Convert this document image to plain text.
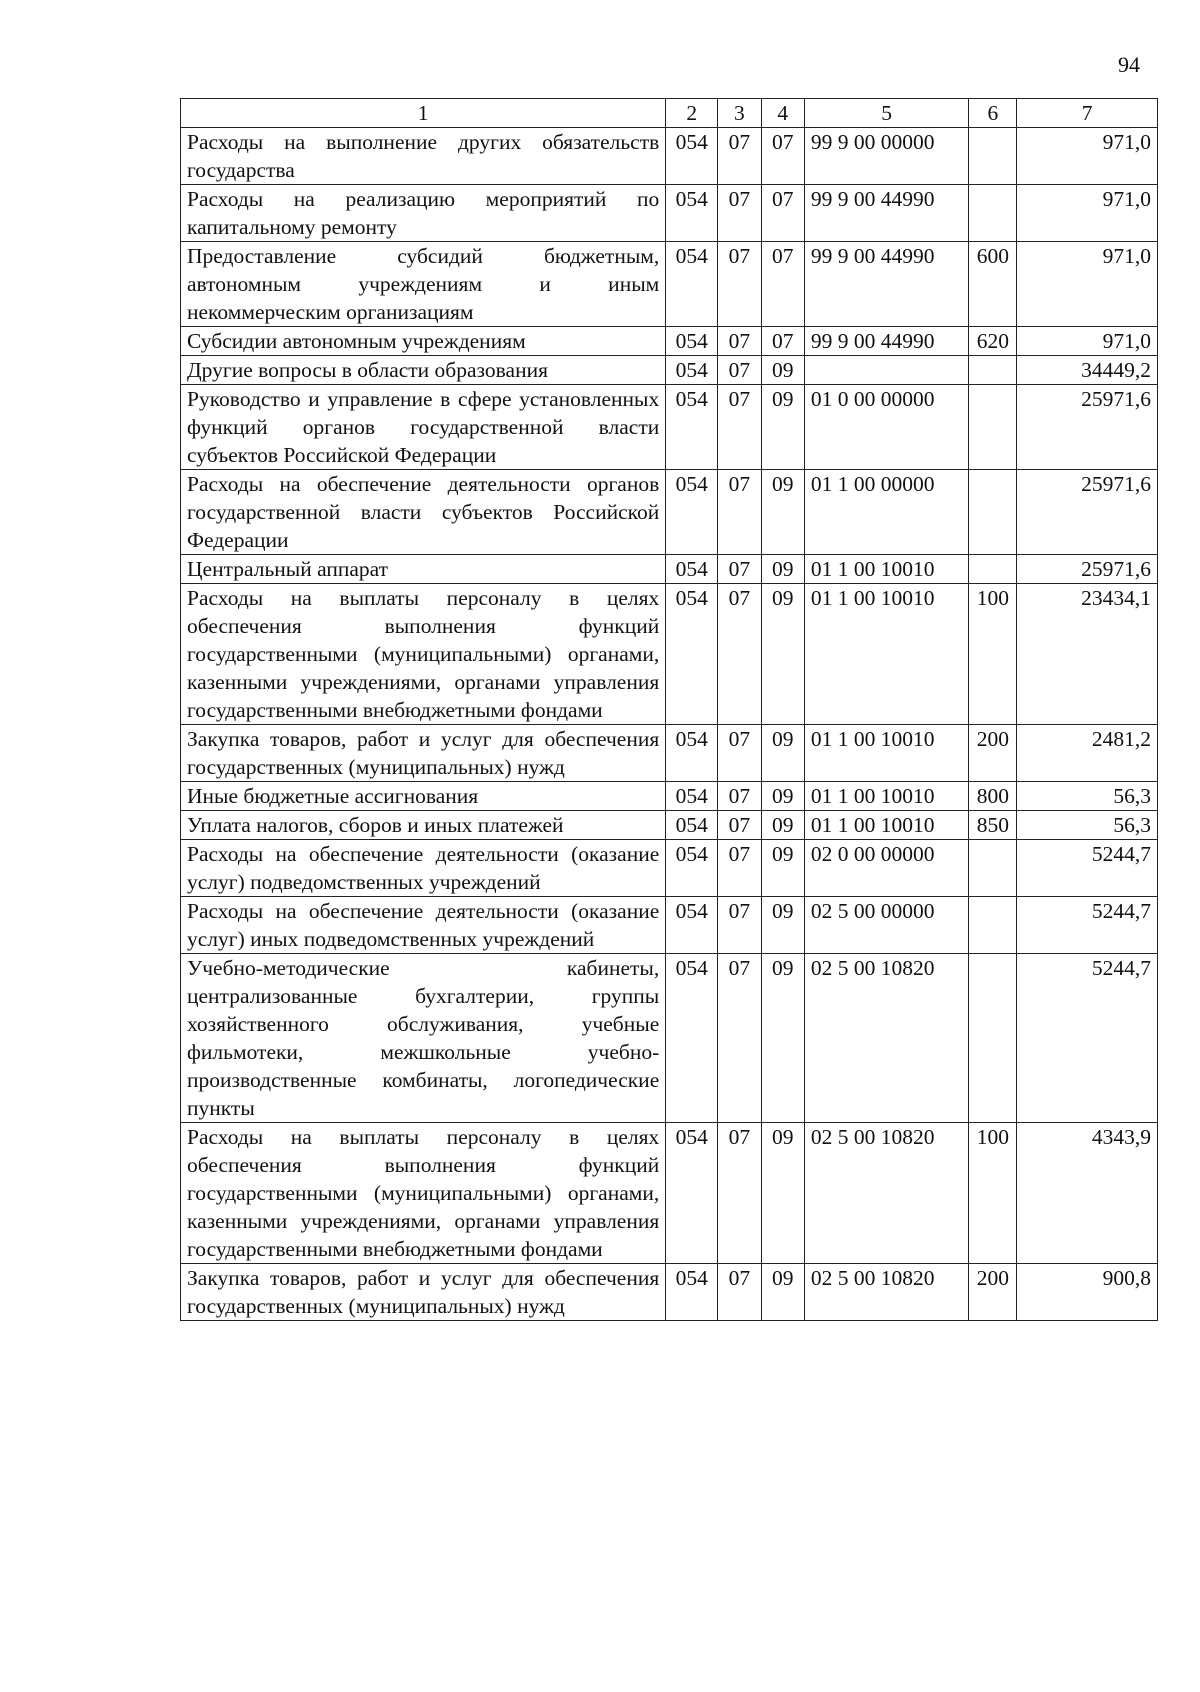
94
1	2	3	4	5	6	7
Расходы на выполнение других обязательств государства	054	07	07	99 9 00 00000		971,0
Расходы на реализацию мероприятий по капитальному ремонту	054	07	07	99 9 00 44990		971,0
Предоставление субсидий бюджетным, автономным учреждениям и иным некоммерческим организациям	054	07	07	99 9 00 44990	600	971,0
Субсидии автономным учреждениям	054	07	07	99 9 00 44990	620	971,0
Другие вопросы в области образования	054	07	09			34449,2
Руководство и управление в сфере установленных функций органов государственной власти субъектов Российской Федерации	054	07	09	01 0 00 00000		25971,6
Расходы на обеспечение деятельности органов государственной власти субъектов Российской Федерации	054	07	09	01 1 00 00000		25971,6
Центральный аппарат	054	07	09	01 1 00 10010		25971,6
Расходы на выплаты персоналу в целях обеспечения выполнения функций государственными (муниципальными) органами, казенными учреждениями, органами управления государственными внебюджетными фондами	054	07	09	01 1 00 10010	100	23434,1
Закупка товаров, работ и услуг для обеспечения государственных (муниципальных) нужд	054	07	09	01 1 00 10010	200	2481,2
Иные бюджетные ассигнования	054	07	09	01 1 00 10010	800	56,3
Уплата налогов, сборов и иных платежей	054	07	09	01 1 00 10010	850	56,3
Расходы на обеспечение деятельности (оказание услуг) подведомственных учреждений	054	07	09	02 0 00 00000		5244,7
Расходы на обеспечение деятельности (оказание услуг) иных подведомственных учреждений	054	07	09	02 5 00 00000		5244,7
Учебно-методические кабинеты, централизованные бухгалтерии, группы хозяйственного обслуживания, учебные фильмотеки, межшкольные учебно-производственные комбинаты, логопедические пункты	054	07	09	02 5 00 10820		5244,7
Расходы на выплаты персоналу в целях обеспечения выполнения функций государственными (муниципальными) органами, казенными учреждениями, органами управления государственными внебюджетными фондами	054	07	09	02 5 00 10820	100	4343,9
Закупка товаров, работ и услуг для обеспечения государственных (муниципальных) нужд	054	07	09	02 5 00 10820	200	900,8
